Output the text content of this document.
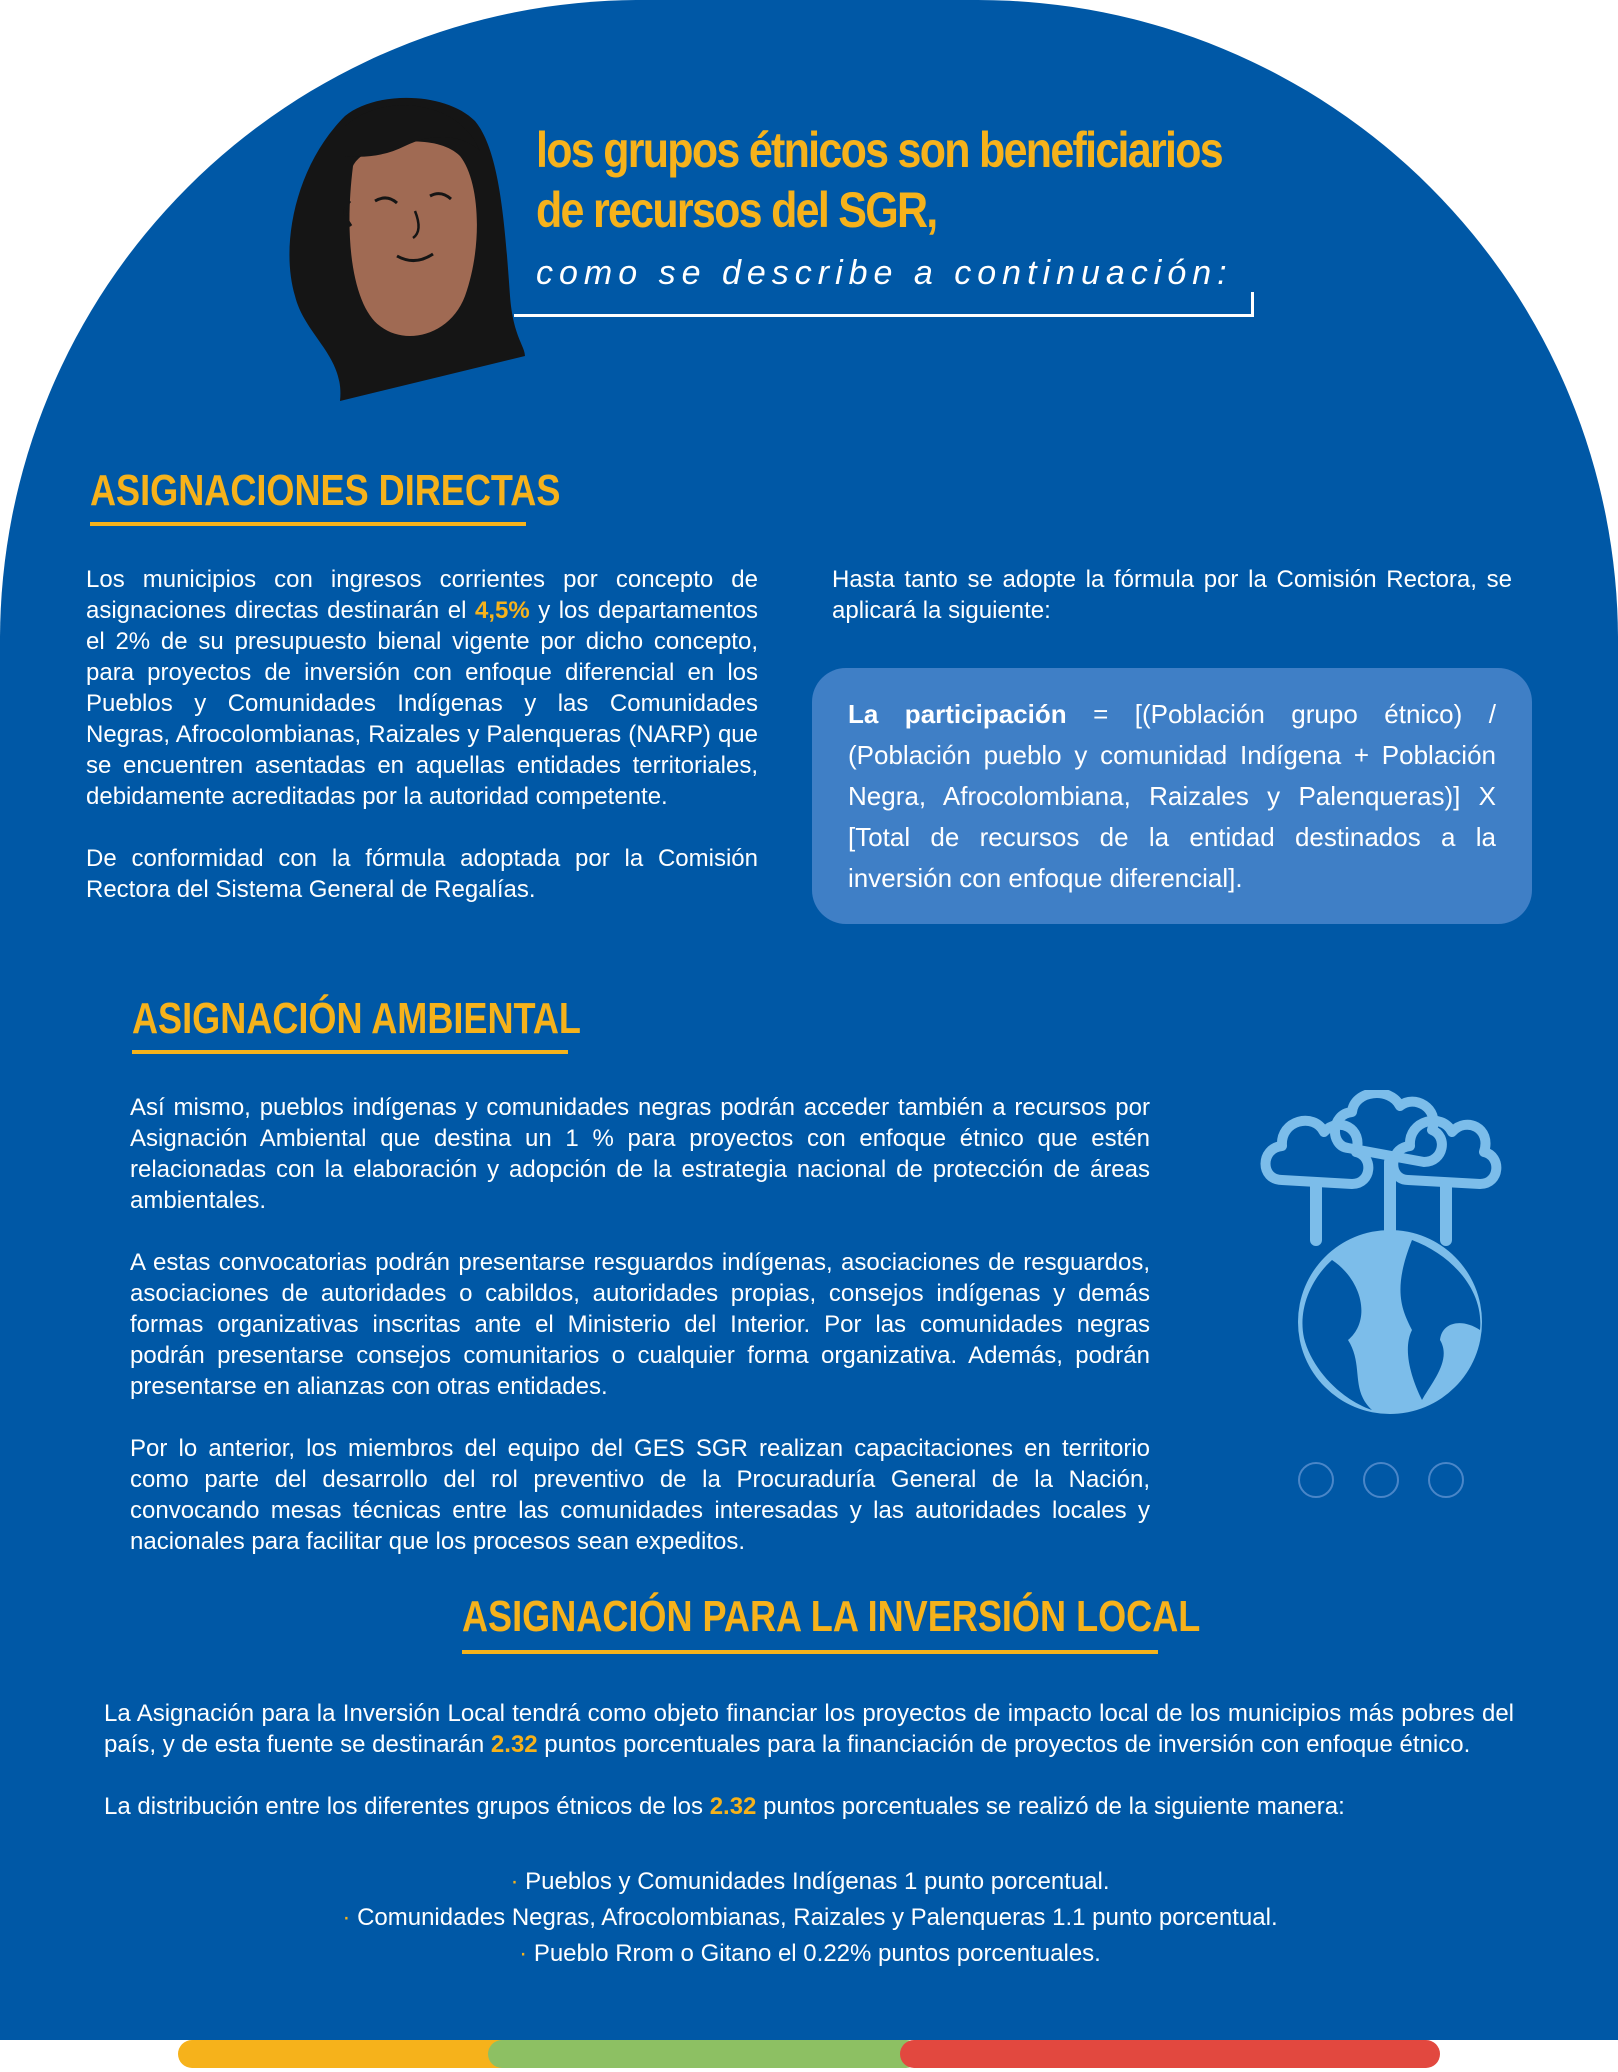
los grupos étnicos son beneficiarios
de recursos del SGR,
como se describe a continuación:
ASIGNACIONES DIRECTAS

Los municipios con ingresos corrientes por concepto de asignaciones directas destinarán el 4,5% y los departamentos el 2% de su presupuesto bienal vigente por dicho concepto, para proyectos de inversión con enfoque diferencial en los Pueblos y Comunidades Indígenas y las Comunidades Negras, Afrocolombianas, Raizales y Palenqueras (NARP) que se encuentren asentadas en aquellas entidades territoriales, debidamente acreditadas por la autoridad competente.

De conformidad con la fórmula adoptada por la Comisión Rectora del Sistema General de Regalías.

Hasta tanto se adopte la fórmula por la Comisión Rectora, se aplicará la siguiente:
La participación = [(Población grupo étnico) / (Población pueblo y comunidad Indígena + Población Negra, Afrocolombiana, Raizales y Palenqueras)] X [Total de recursos de la entidad destinados a la inversión con enfoque diferencial].
ASIGNACIÓN AMBIENTAL

Así mismo, pueblos indígenas y comunidades negras podrán acceder también a recursos por Asignación Ambiental que destina un 1 % para proyectos con enfoque étnico que estén relacionadas con la elaboración y adopción de la estrategia nacional de protección de áreas ambientales.

A estas convocatorias podrán presentarse resguardos indígenas, asociaciones de resguardos, asociaciones de autoridades o cabildos, autoridades propias, consejos indígenas y demás formas organizativas inscritas ante el Ministerio del Interior. Por las comunidades negras podrán presentarse consejos comunitarios o cualquier forma organizativa. Además, podrán presentarse en alianzas con otras entidades.

Por lo anterior, los miembros del equipo del GES SGR realizan capacitaciones en territorio como parte del desarrollo del rol preventivo de la Procuraduría General de la Nación, convocando mesas técnicas entre las comunidades interesadas y las autoridades locales y nacionales para facilitar que los procesos sean expeditos.

ASIGNACIÓN PARA LA INVERSIÓN LOCAL

La Asignación para la Inversión Local tendrá como objeto financiar los proyectos de impacto local de los municipios más pobres del país, y de esta fuente se destinarán 2.32 puntos porcentuales para la financiación de proyectos de inversión con enfoque étnico.

La distribución entre los diferentes grupos étnicos de los 2.32 puntos porcentuales se realizó de la siguiente manera:

· Pueblos y Comunidades Indígenas 1 punto porcentual.
· Comunidades Negras, Afrocolombianas, Raizales y Palenqueras 1.1 punto porcentual.
· Pueblo Rrom o Gitano el 0.22% puntos porcentuales.
